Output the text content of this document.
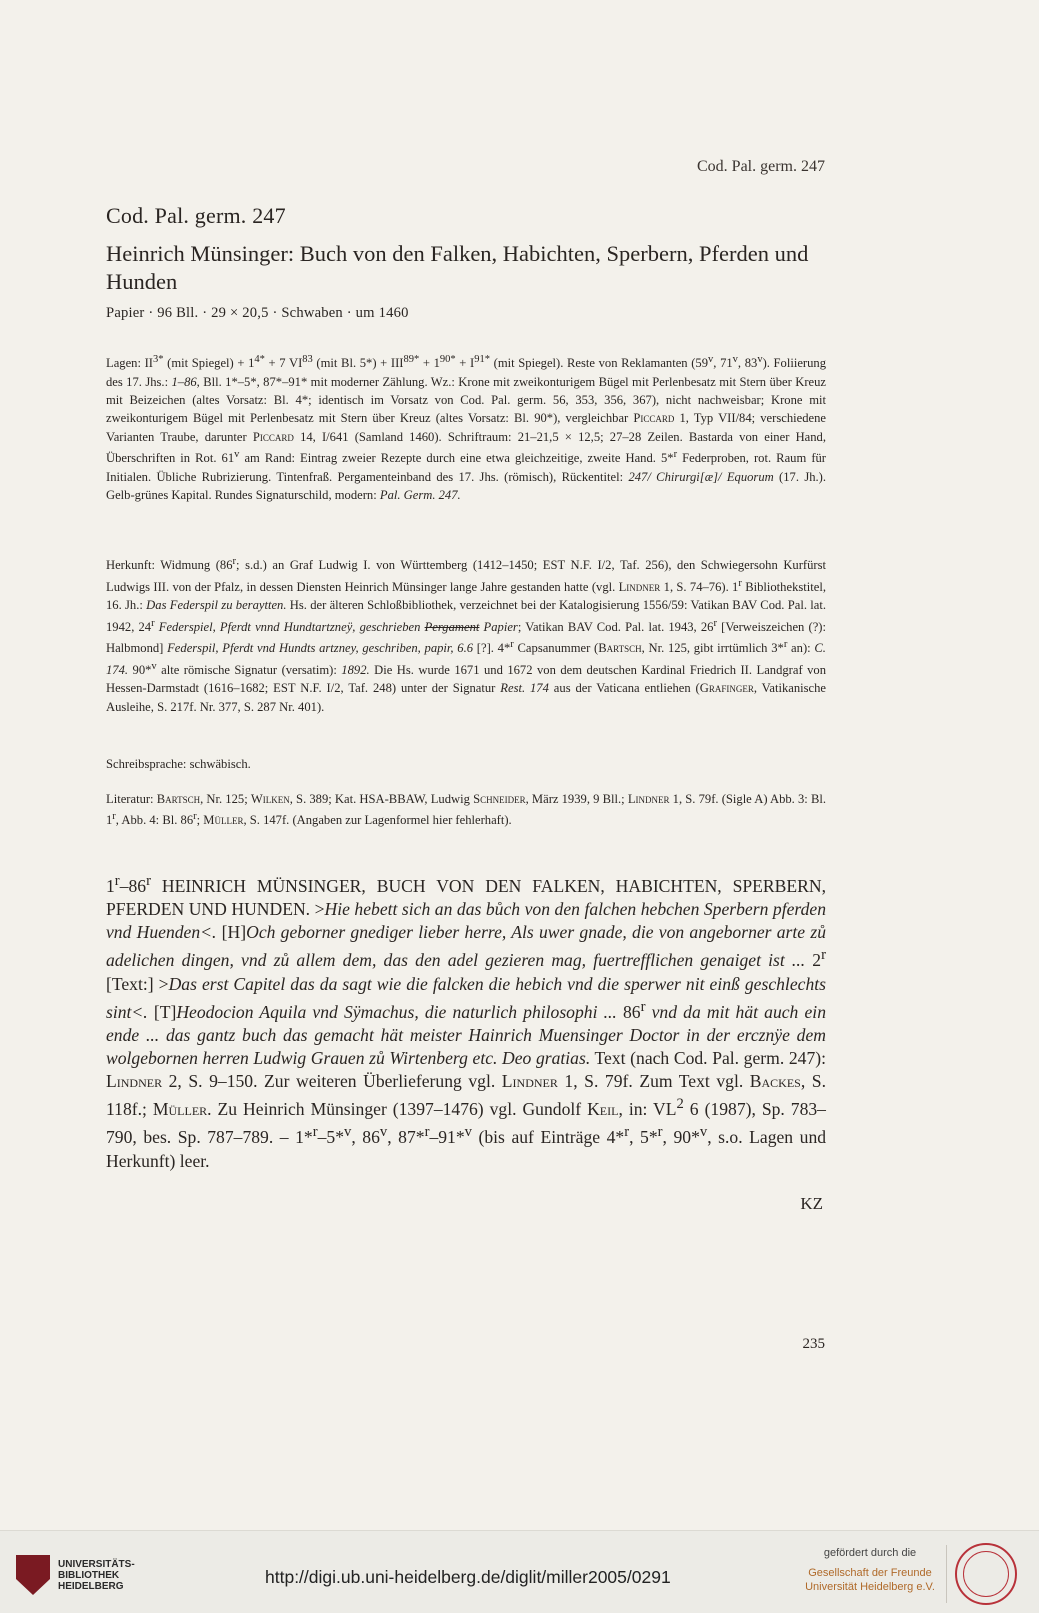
Cod. Pal. germ. 247
Cod. Pal. germ. 247
Heinrich Münsinger: Buch von den Falken, Habichten, Sperbern, Pferden und Hunden
Papier · 96 Bll. · 29 × 20,5 · Schwaben · um 1460
Lagen: $II^{3*}$ (mit Spiegel) + $1^{4*} + 7$ VI$^{83}$ (mit Bl. $5*) + III^{89*} + 1^{90*} + I^{91*}$ (mit Spiegel). Reste von Reklamanten (59$^v$, 71$^v$, 83$^v$). Foliierung des 17. Jhs.: 1–86, Bll. 1*–5*, 87*–91* mit moderner Zählung. Wz.: Krone mit zweikonturigem Bügel mit Perlenbesatz mit Stern über Kreuz mit Beizeichen (altes Vorsatz: Bl. 4*; identisch im Vorsatz von Cod. Pal. germ. 56, 353, 356, 367), nicht nachweisbar; Krone mit zweikonturigem Bügel mit Perlenbesatz mit Stern über Kreuz (altes Vorsatz: Bl. 90*), vergleichbar Piccard 1, Typ VII/84; verschiedene Varianten Traube, darunter Piccard 14, I/641 (Samland 1460). Schriftraum: 21–21,5 × 12,5; 27–28 Zeilen. Bastarda von einer Hand, Überschriften in Rot. 61$^v$ am Rand: Eintrag zweier Rezepte durch eine etwa gleichzeitige, zweite Hand. 5*$^r$ Federproben, rot. Raum für Initialen. Übliche Rubrizierung. Tintenfraß. Pergamenteinband des 17. Jhs. (römisch), Rückentitel: 247/ Chirurgi[æ]/ Equorum (17. Jh.). Gelb-grünes Kapital. Rundes Signaturschild, modern: Pal. Germ. 247.
Herkunft: Widmung (86$^r$; s.d.) an Graf Ludwig I. von Württemberg (1412–1450; EST N.F. I/2, Taf. 256), den Schwiegersohn Kurfürst Ludwigs III. von der Pfalz, in dessen Diensten Heinrich Münsinger lange Jahre gestanden hatte (vgl. Lindner 1, S. 74–76). 1$^r$ Bibliothekstitel, 16. Jh.: Das Federspil zu beraytten. Hs. der älteren Schloßbibliothek, verzeichnet bei der Katalogisierung 1556/59: Vatikan BAV Cod. Pal. lat. 1942, 24$^r$ Federspiel, Pferdt vnnd Hundtartzneÿ, geschrieben Pergament Papier; Vatikan BAV Cod. Pal. lat. 1943, 26$^r$ [Verweiszeichen (?): Halbmond] Federspil, Pferdt vnd Hundts artzney, geschriben, papir, 6.6 [?]. 4*$^r$ Capsanummer (Bartsch, Nr. 125, gibt irrtümlich 3*$^r$ an): C. 174. 90*$^v$ alte römische Signatur (versatim): 1892. Die Hs. wurde 1671 und 1672 von dem deutschen Kardinal Friedrich II. Landgraf von Hessen-Darmstadt (1616–1682; EST N.F. I/2, Taf. 248) unter der Signatur Rest. 174 aus der Vaticana entliehen (Grafinger, Vatikanische Ausleihe, S. 217f. Nr. 377, S. 287 Nr. 401).
Schreibsprache: schwäbisch.
Literatur: Bartsch, Nr. 125; Wilken, S. 389; Kat. HSA-BBAW, Ludwig Schneider, März 1939, 9 Bll.; Lindner 1, S. 79f. (Sigle A) Abb. 3: Bl. 1$^r$, Abb. 4: Bl. 86$^r$; Müller, S. 147f. (Angaben zur Lagenformel hier fehlerhaft).
1$^r$–86$^r$ HEINRICH MÜNSINGER, BUCH VON DEN FALKEN, HABICHTEN, SPERBERN, PFERDEN UND HUNDEN. >Hie hebett sich an das bůch von den falchen hebchen Sperbern pferden vnd Huenden<. [H]Och geborner gnediger lieber herre, Als uwer gnade, die von angeborner arte zů adelichen dingen, vnd zů allem dem, das den adel gezieren mag, fuertrefflichen genaiget ist ... 2$^r$ [Text:] >Das erst Capitel das da sagt wie die falcken die hebich vnd die sperwer nit einß geschlechts sint<. [T]Heodocion Aquila vnd Sÿmachus, die naturlich philosophi ... 86$^r$ vnd da mit hät auch ein ende ... das gantz buch das gemacht hät meister Hainrich Muensinger Doctor in der ercznÿe dem wolgebornen herren Ludwig Grauen zů Wirtenberg etc. Deo gratias. Text (nach Cod. Pal. germ. 247): Lindner 2, S. 9–150. Zur weiteren Überlieferung vgl. Lindner 1, S. 79f. Zum Text vgl. Backes, S. 118f.; Müller. Zu Heinrich Münsinger (1397–1476) vgl. Gundolf Keil, in: $VL^2$ 6 (1987), Sp. 783–790, bes. Sp. 787–789. – 1*$^r$–5*$^v$, 86$^v$, 87*$^r$–91*$^v$ (bis auf Einträge 4*$^r$, 5*$^r$, 90*$^v$, s.o. Lagen und Herkunft) leer.
KZ
235
UNIVERSITÄTS-
BIBLIOTHEK
HEIDELBERG	http://digi.ub.uni-heidelberg.de/diglit/miller2005/0291
gefördert durch die
Gesellschaft der Freunde
Universität Heidelberg e.V.
